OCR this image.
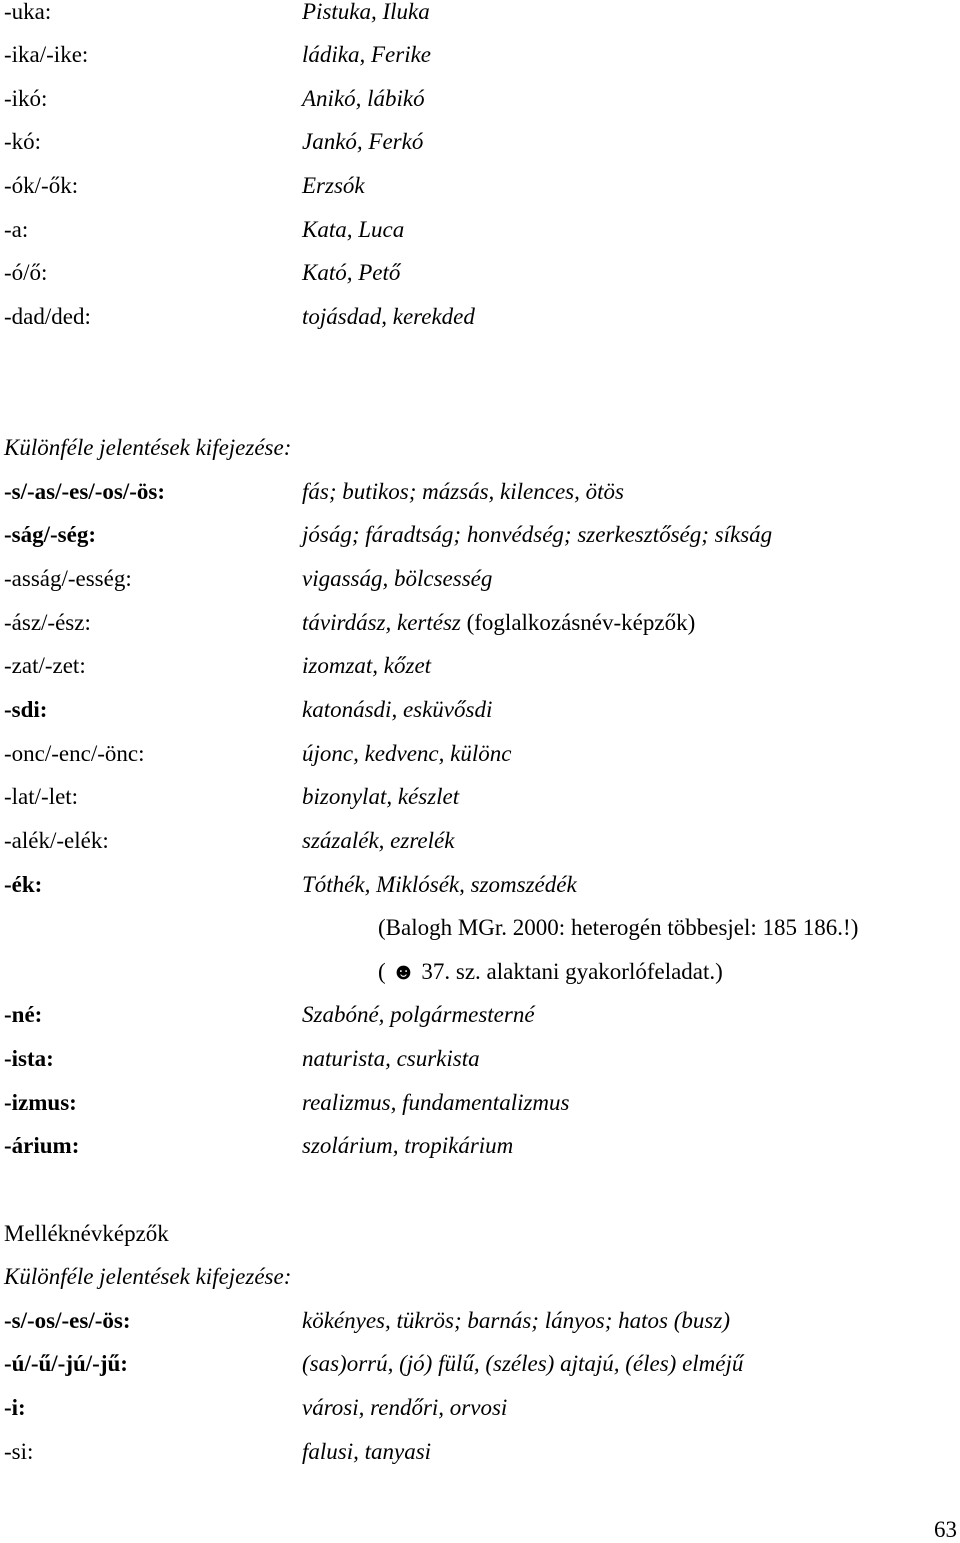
-uka:	Pistuka, Iluka
-ika/-ike:	ládika, Ferike
-ikó:	Anikó, lábikó
-kó:	Jankó, Ferkó
-ók/-ők:	Erzsók
-a:	Kata, Luca
-ó/ő:	Kató, Pető
-dad/ded:	tojásdad, kerekded
Különféle jelentések kifejezése:
-s/-as/-es/-os/-ös:	fás; butikos; mázsás, kilences, ötös
-ság/-ség:	jóság; fáradtság; honvédség; szerkesztőség; síkság
-asság/-esség:	vigasság, bölcsesség
-ász/-ész:	távirdász, kertész (foglalkozásnév-képzők)
-zat/-zet:	izomzat, kőzet
-sdi:	katonásdi, esküvősdi
-onc/-enc/-önc:	újonc, kedvenc, különc
-lat/-let:	bizonylat, készlet
-alék/-elék:	százalék, ezrelék
-ék:	Tóthék, Miklósék, szomszédék
(Balogh MGr. 2000: heterogén többesjel: 185 186.!)
( ☻ 37. sz. alaktani gyakorlófeladat.)
-né:	Szabóné, polgármesterné
-ista:	naturista, csurkista
-izmus:	realizmus, fundamentalizmus
-árium:	szolárium, tropikárium
Melléknévképzők
Különféle jelentések kifejezése:
-s/-os/-es/-ös:	kökényes, tükrös; barnás; lányos; hatos (busz)
-ú/-ű/-jú/-jű:	(sas)orrú, (jó) fülű, (széles) ajtajú, (éles) elméjű
-i:	városi, rendőri, orvosi
-si:	falusi, tanyasi
63
